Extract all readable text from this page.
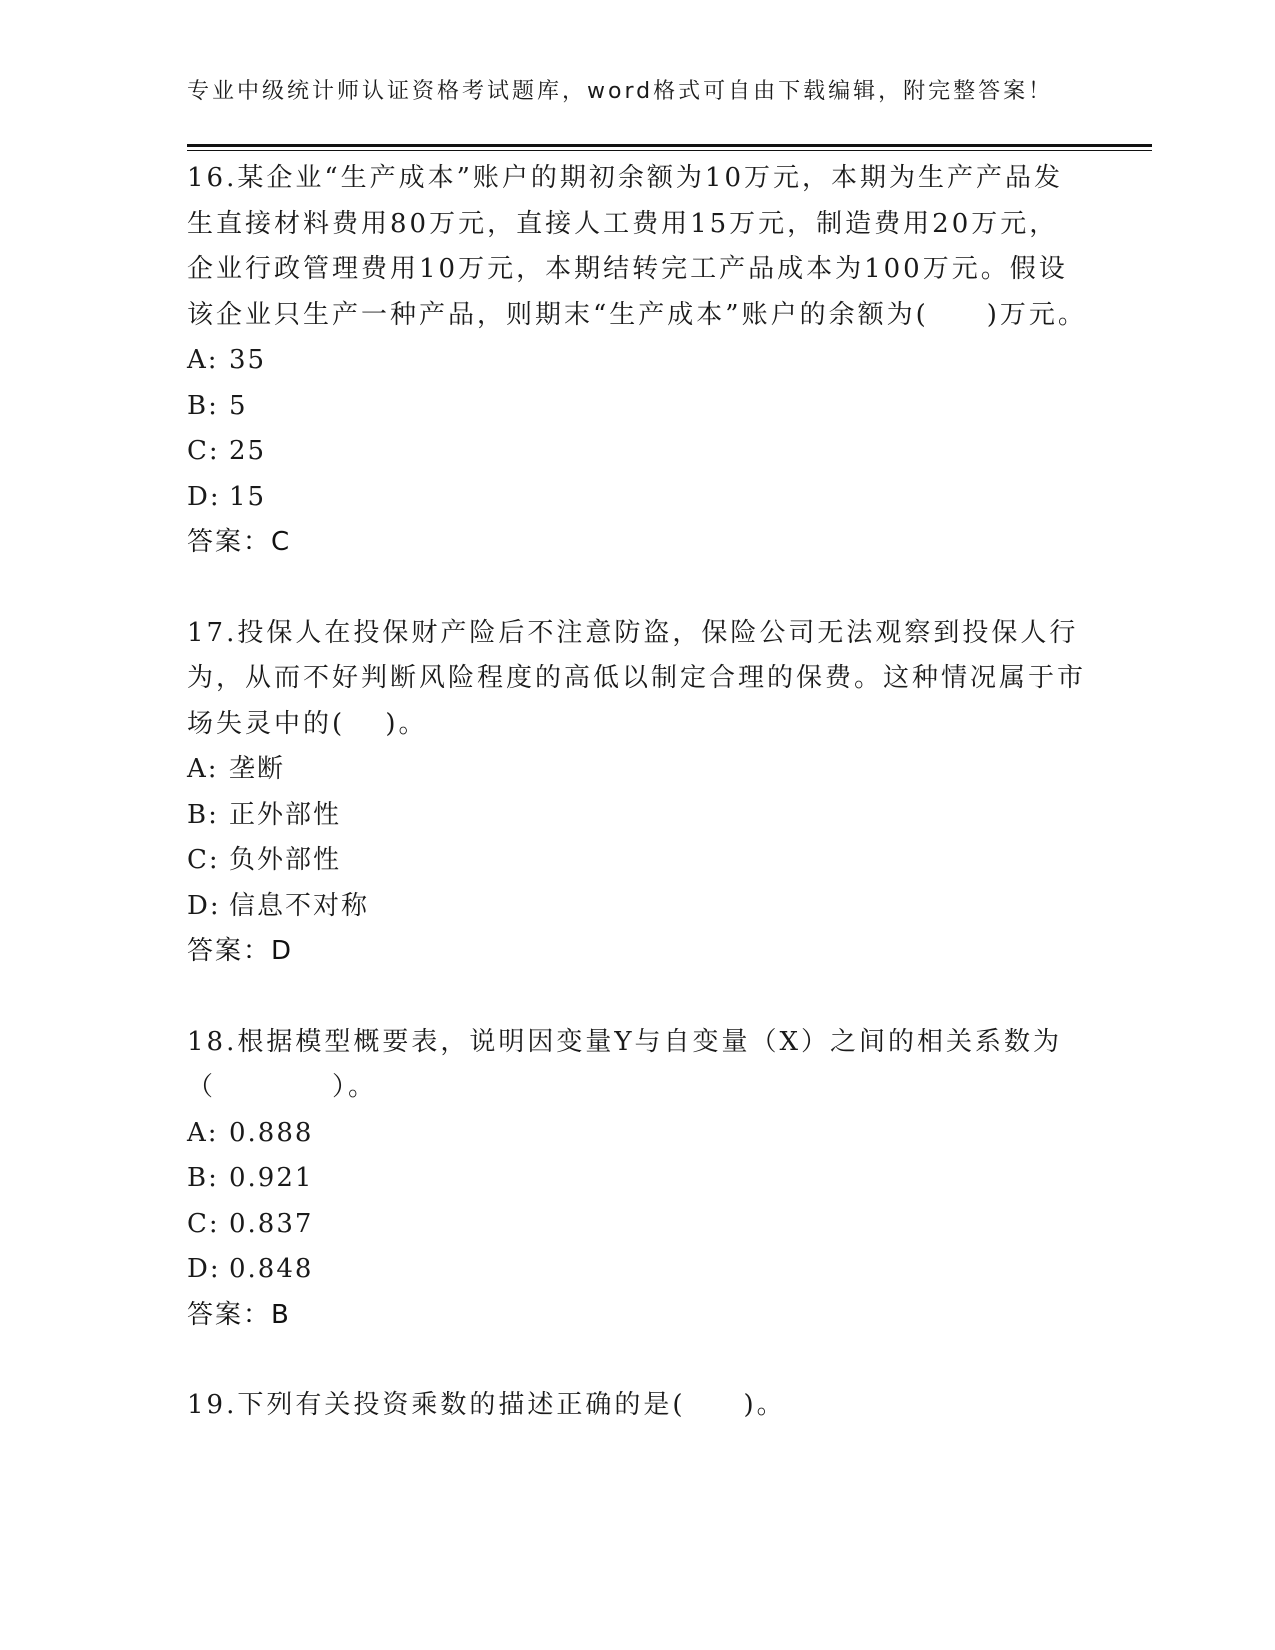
专业中级统计师认证资格考试题库，word格式可自由下载编辑，附完整答案！

16.某企业“生产成本”账户的期初余额为10万元，本期为生产产品发生直接材料费用80万元，直接人工费用15万元，制造费用20万元，企业行政管理费用10万元，本期结转完工产品成本为100万元。假设该企业只生产一种产品，则期末“生产成本”账户的余额为(　　)万元。

A: 35

B: 5

C: 25

D: 15

答案：C

17.投保人在投保财产险后不注意防盗，保险公司无法观察到投保人行为，从而不好判断风险程度的高低以制定合理的保费。这种情况属于市场失灵中的(　 )。

A: 垄断

B: 正外部性

C: 负外部性

D: 信息不对称

答案：D

18.根据模型概要表，说明因变量Y与自变量（X）之间的相关系数为（　　　　）。

A: 0.888

B: 0.921

C: 0.837

D: 0.848

答案：B

19.下列有关投资乘数的描述正确的是(　　)。
